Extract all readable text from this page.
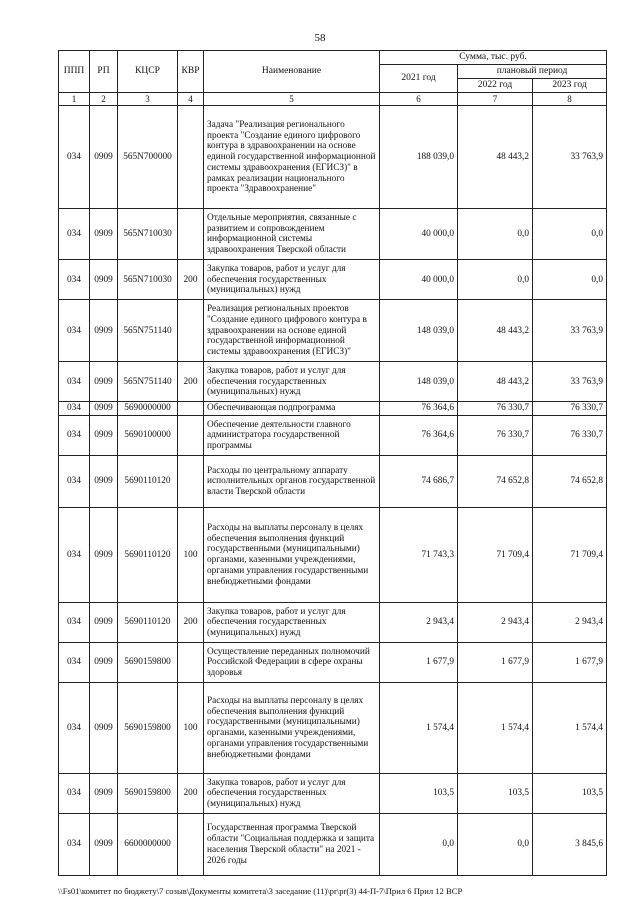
58
ППП	РП	КЦСР	КВР	Наименование	Сумма, тыс. руб.		
					2021 год	плановый период	
						2022 год	2023 год
1	2	3	4	5	6	7	8
034	0909	565N700000		Задача "Реализация регионального проекта "Создание единого цифрового контура в здравоохранении на основе единой государственной информационной системы здравоохранения (ЕГИСЗ)" в рамках реализации национального проекта "Здравоохранение"	188 039,0	48 443,2	33 763,9
034	0909	565N710030		Отдельные мероприятия, связанные с развитием и сопровождением информационной системы здравоохранения Тверской области	40 000,0	0,0	0,0
034	0909	565N710030	200	Закупка товаров, работ и услуг для обеспечения государственных (муниципальных) нужд	40 000,0	0,0	0,0
034	0909	565N751140		Реализация региональных проектов "Создание единого цифрового контура в здравоохранении на основе единой государственной информационной системы здравоохранения (ЕГИСЗ)"	148 039,0	48 443,2	33 763,9
034	0909	565N751140	200	Закупка товаров, работ и услуг для обеспечения государственных (муниципальных) нужд	148 039,0	48 443,2	33 763,9
034	0909	5690000000		Обеспечивающая подпрограмма	76 364,6	76 330,7	76 330,7
034	0909	5690100000		Обеспечение деятельности главного администратора государственной программы	76 364,6	76 330,7	76 330,7
034	0909	5690110120		Расходы по центральному аппарату исполнительных органов государственной власти Тверской области	74 686,7	74 652,8	74 652,8
034	0909	5690110120	100	Расходы на выплаты персоналу в целях обеспечения выполнения функций государственными (муниципальными) органами, казенными учреждениями, органами управления государственными внебюджетными фондами	71 743,3	71 709,4	71 709,4
034	0909	5690110120	200	Закупка товаров, работ и услуг для обеспечения государственных (муниципальных) нужд	2 943,4	2 943,4	2 943,4
034	0909	5690159800		Осуществление переданных полномочий Российской Федерации в сфере охраны здоровья	1 677,9	1 677,9	1 677,9
034	0909	5690159800	100	Расходы на выплаты персоналу в целях обеспечения выполнения функций государственными (муниципальными) органами, казенными учреждениями, органами управления государственными внебюджетными фондами	1 574,4	1 574,4	1 574,4
034	0909	5690159800	200	Закупка товаров, работ и услуг для обеспечения государственных (муниципальных) нужд	103,5	103,5	103,5
034	0909	6600000000		Государственная программа Тверской области "Социальная поддержка и защита населения Тверской области" на 2021 - 2026 годы	0,0	0,0	3 845,6
\\Fs01\комитет по бюджету\7 созыв\Документы комитета\3 заседание (11)\pr\pr(3) 44-П-7\Прил 6 Прил 12 ВСР
